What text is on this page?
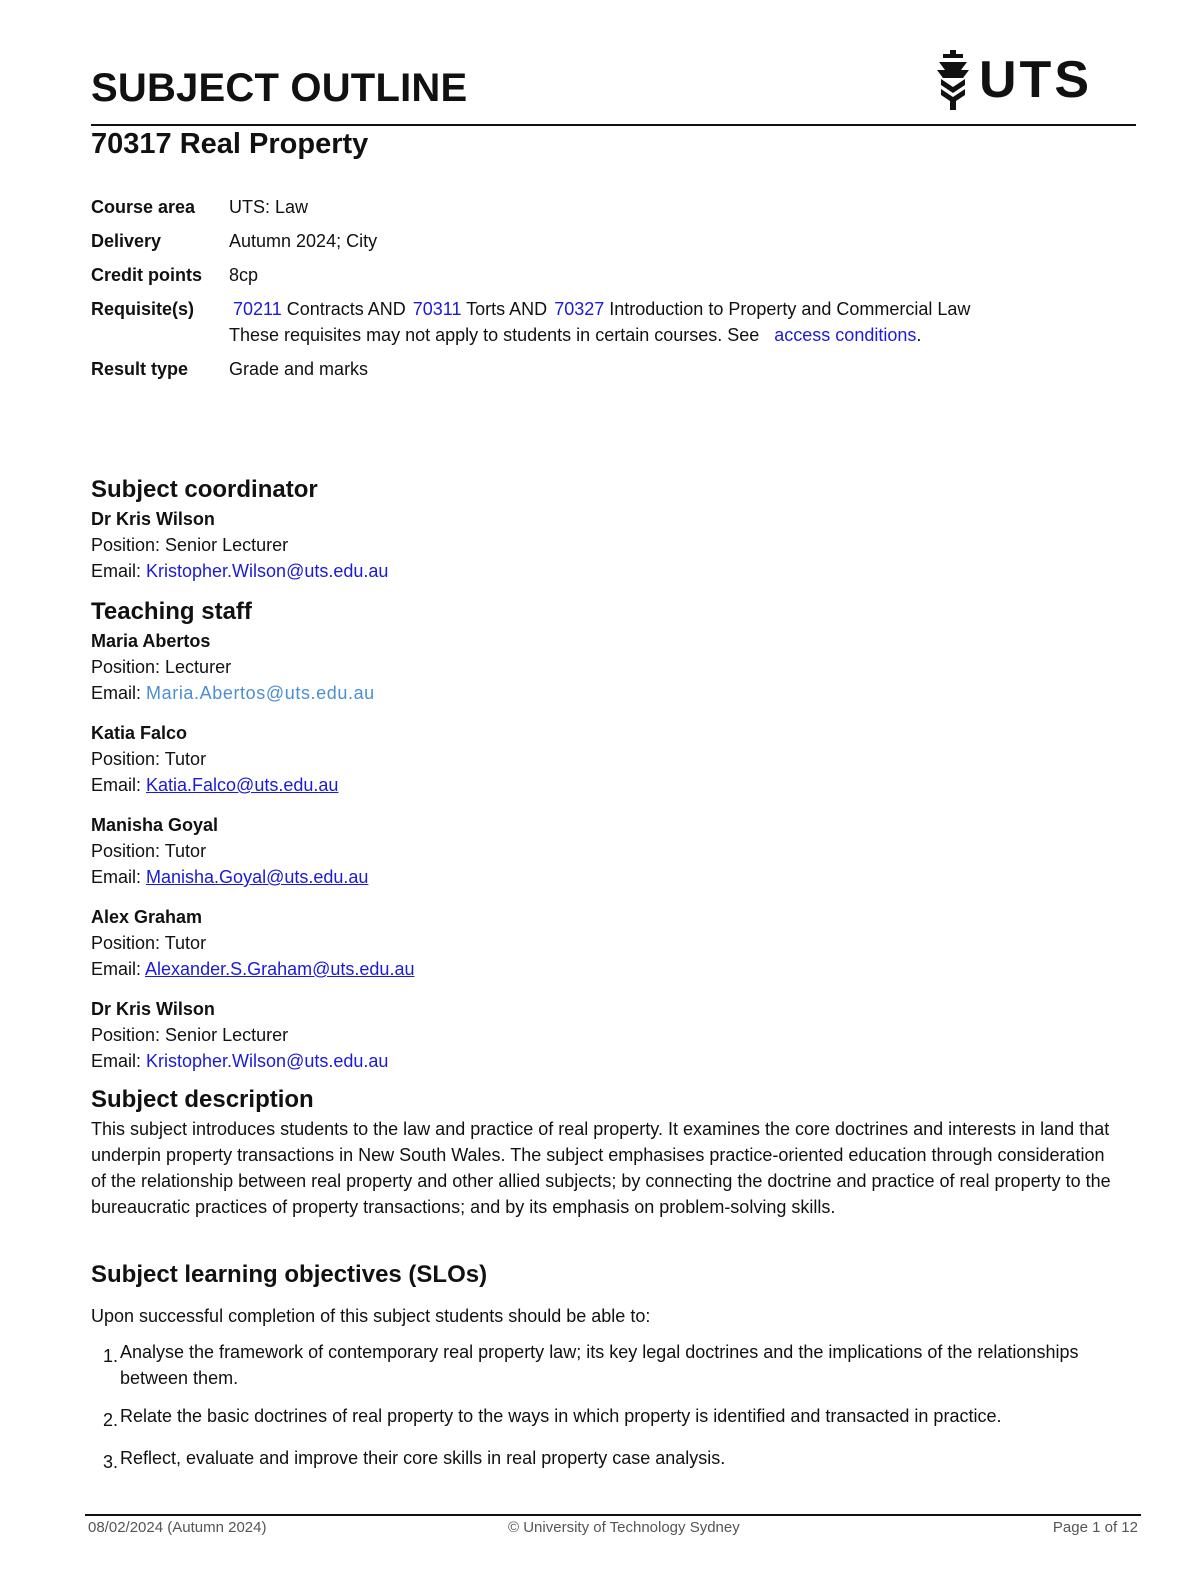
SUBJECT OUTLINE	UTS
70317 Real Property
Course area	UTS: Law
Delivery	Autumn 2024; City
Credit points	8cp
Requisite(s)	70211 Contracts AND 70311 Torts AND 70327 Introduction to Property and Commercial Law
These requisites may not apply to students in certain courses. See access conditions.
Result type	Grade and marks
Subject coordinator
Dr Kris Wilson

Position: Senior Lecturer

Email: Kristopher.Wilson@uts.edu.au

Teaching staff
Maria Abertos

Position: Lecturer

Email: Maria.Abertos@uts.edu.au

Katia Falco

Position: Tutor

Email: Katia.Falco@uts.edu.au

Manisha Goyal

Position: Tutor

Email: Manisha.Goyal@uts.edu.au

Alex Graham

Position: Tutor

Email: Alexander.S.Graham@uts.edu.au

Dr Kris Wilson

Position: Senior Lecturer

Email: Kristopher.Wilson@uts.edu.au

Subject description

This subject introduces students to the law and practice of real property. It examines the core doctrines and interests in land that underpin property transactions in New South Wales. The subject emphasises practice-oriented education through consideration of the relationship between real property and other allied subjects; by connecting the doctrine and practice of real property to the bureaucratic practices of property transactions; and by its emphasis on problem-solving skills.

Subject learning objectives (SLOs)

Upon successful completion of this subject students should be able to:

1. Analyse the framework of contemporary real property law; its key legal doctrines and the implications of the relationships between them.
2. Relate the basic doctrines of real property to the ways in which property is identified and transacted in practice.
3. Reflect, evaluate and improve their core skills in real property case analysis.
08/02/2024 (Autumn 2024)	© University of Technology Sydney	Page 1 of 12
